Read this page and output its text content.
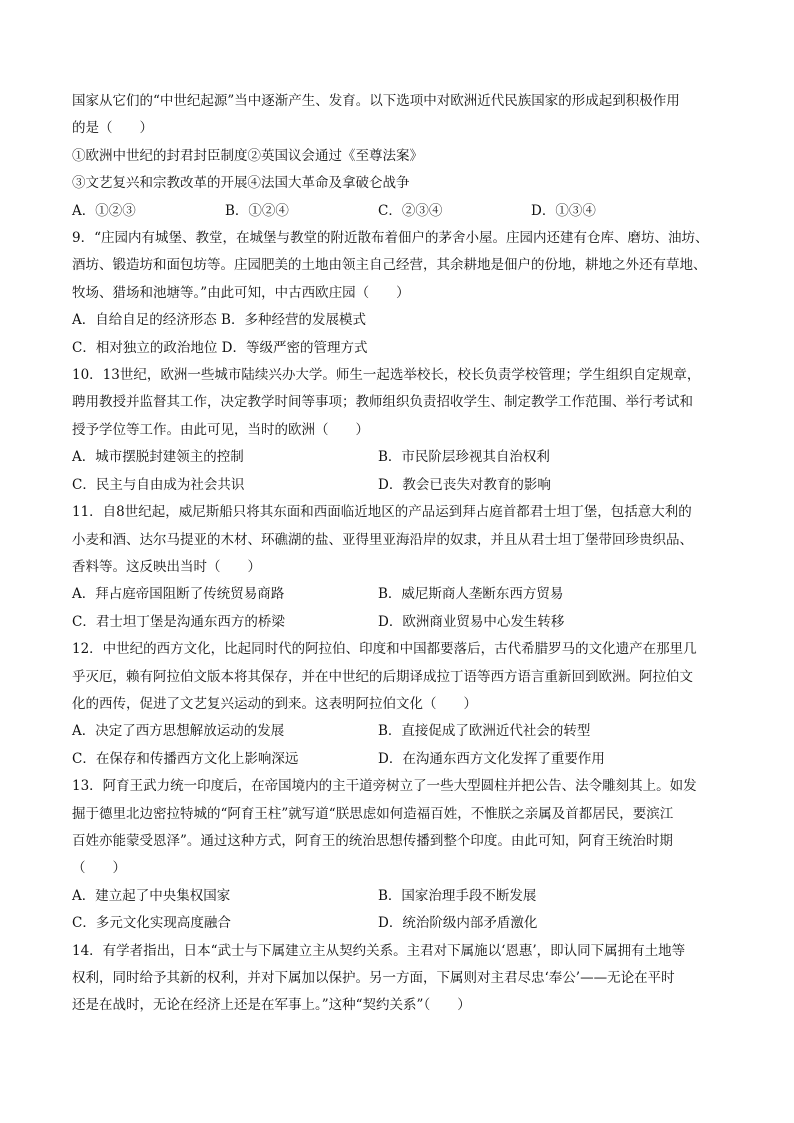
国家从它们的“中世纪起源”当中逐渐产生、发育。以下选项中对欧洲近代民族国家的形成起到积极作用
的是（　　）
①欧洲中世纪的封君封臣制度②英国议会通过《至尊法案》
③文艺复兴和宗教改革的开展④法国大革命及拿破仑战争
A．①②③	B．①②④	C．②③④	D．①③④
9．“庄园内有城堡、教堂，在城堡与教堂的附近散布着佃户的茅舍小屋。庄园内还建有仓库、磨坊、油坊、
酒坊、锻造坊和面包坊等。庄园肥美的土地由领主自己经营，其余耕地是佃户的份地，耕地之外还有草地、
牧场、猎场和池塘等。”由此可知，中古西欧庄园（　　）
A．自给自足的经济形态 B．多种经营的发展模式
C．相对独立的政治地位 D．等级严密的管理方式
10．13世纪，欧洲一些城市陆续兴办大学。师生一起选举校长，校长负责学校管理；学生组织自定规章，
聘用教授并监督其工作，决定教学时间等事项；教师组织负责招收学生、制定教学工作范围、举行考试和
授予学位等工作。由此可见，当时的欧洲（　　）
A．城市摆脱封建领主的控制	B．市民阶层珍视其自治权利
C．民主与自由成为社会共识	D．教会已丧失对教育的影响
11．自8世纪起，威尼斯船只将其东面和西面临近地区的产品运到拜占庭首都君士坦丁堡，包括意大利的
小麦和酒、达尔马提亚的木材、环礁湖的盐、亚得里亚海沿岸的奴隶，并且从君士坦丁堡带回珍贵织品、
香料等。这反映出当时（　　）
A．拜占庭帝国阻断了传统贸易商路	B．威尼斯商人垄断东西方贸易
C．君士坦丁堡是沟通东西方的桥梁	D．欧洲商业贸易中心发生转移
12．中世纪的西方文化，比起同时代的阿拉伯、印度和中国都要落后，古代希腊罗马的文化遗产在那里几
乎灭厄，赖有阿拉伯文版本将其保存，并在中世纪的后期译成拉丁语等西方语言重新回到欧洲。阿拉伯文
化的西传，促进了文艺复兴运动的到来。这表明阿拉伯文化（　　）
A．决定了西方思想解放运动的发展	B．直接促成了欧洲近代社会的转型
C．在保存和传播西方文化上影响深远	D．在沟通东西方文化发挥了重要作用
13．阿育王武力统一印度后，在帝国境内的主干道旁树立了一些大型圆柱并把公告、法令雕刻其上。如发
掘于德里北边密拉特城的“阿育王柱”就写道“朕思虑如何造福百姓，不惟朕之亲属及首都居民，要滨江
百姓亦能蒙受恩泽”。通过这种方式，阿育王的统治思想传播到整个印度。由此可知，阿育王统治时期
（　　）
A．建立起了中央集权国家	B．国家治理手段不断发展
C．多元文化实现高度融合	D．统治阶级内部矛盾激化
14．有学者指出，日本“武士与下属建立主从契约关系。主君对下属施以‘恩惠’，即认同下属拥有土地等
权利，同时给予其新的权利，并对下属加以保护。另一方面，下属则对主君尽忠‘奉公’——无论在平时
还是在战时，无论在经济上还是在军事上。”这种“契约关系”（　　）
